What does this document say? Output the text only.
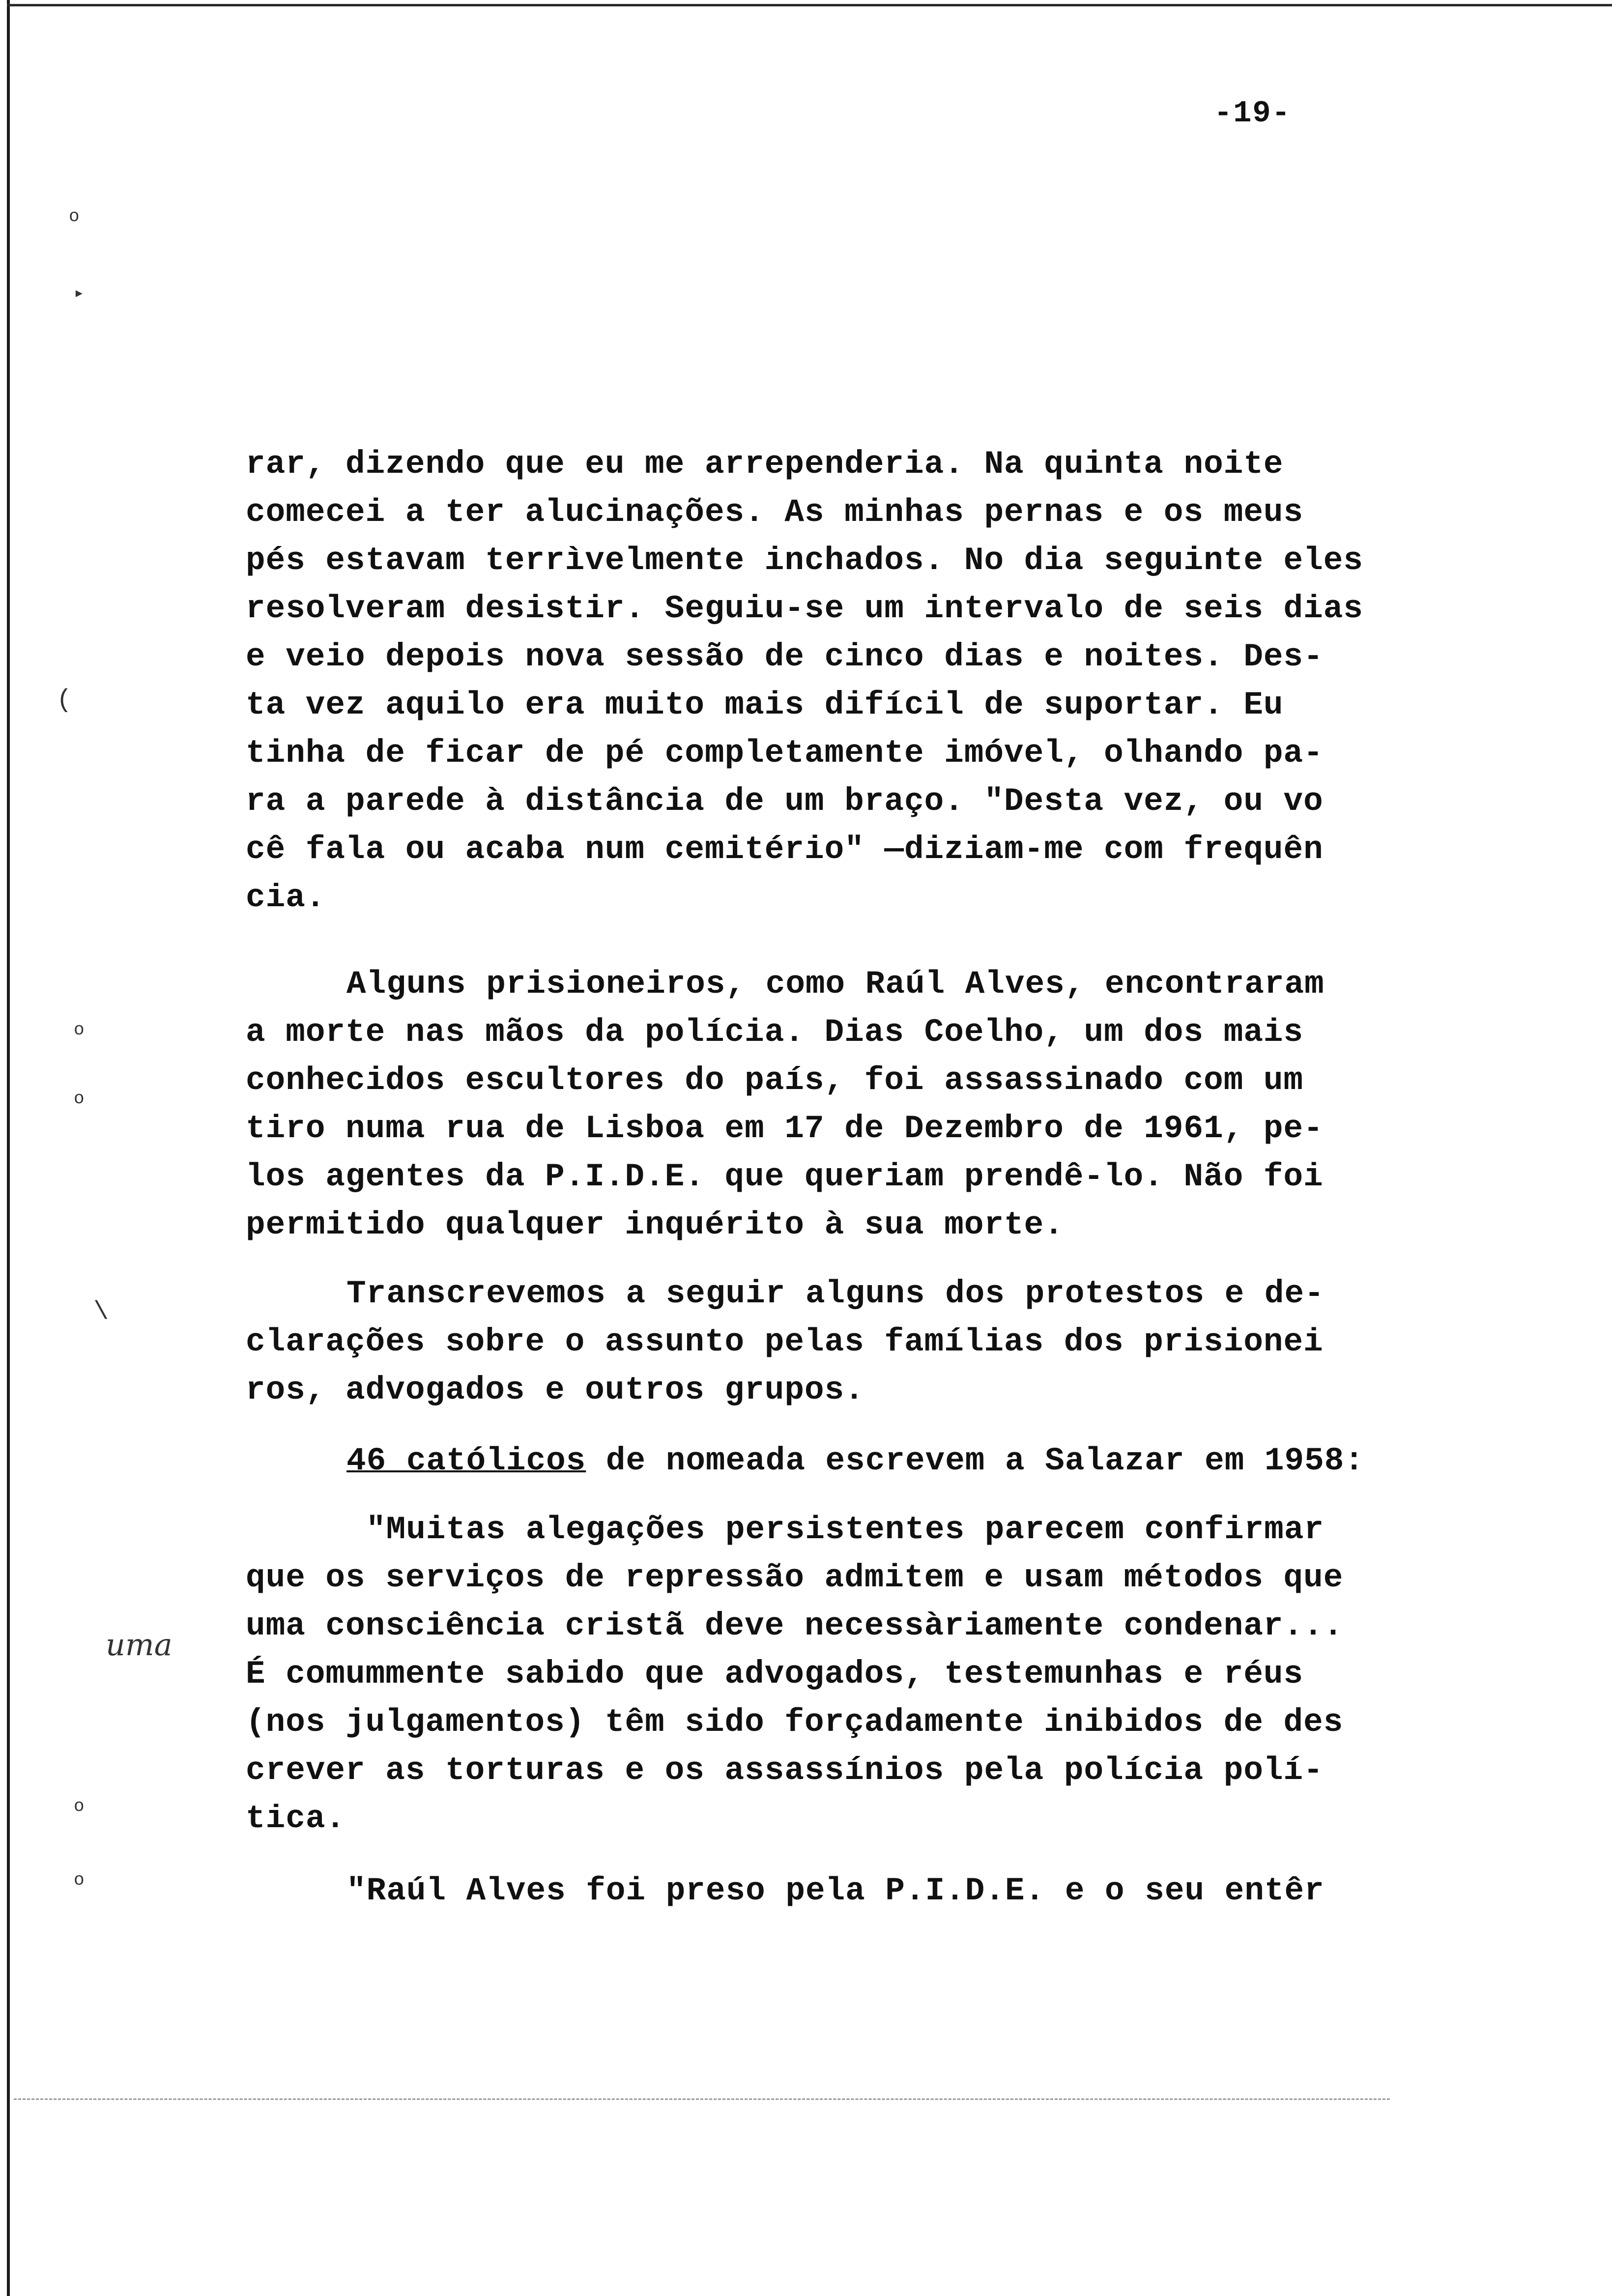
-19-
o
▸
o
o
o
o
(
\
uma
rar, dizendo que eu me arrependeria. Na quinta noite
comecei a ter alucinações. As minhas pernas e os meus
pés estavam terrìvelmente inchados. No dia seguinte eles
resolveram desistir. Seguiu-se um intervalo de seis dias
e veio depois nova sessão de cinco dias e noites. Des-
ta vez aquilo era muito mais difícil de suportar. Eu
tinha de ficar de pé completamente imóvel, olhando pa-
ra a parede à distância de um braço. "Desta vez, ou vo
cê fala ou acaba num cemitério" —diziam-me com frequên
cia.
Alguns prisioneiros, como Raúl Alves, encontraram
a morte nas mãos da polícia. Dias Coelho, um dos mais
conhecidos escultores do país, foi assassinado com um
tiro numa rua de Lisboa em 17 de Dezembro de 1961, pe-
los agentes da P.I.D.E. que queriam prendê-lo. Não foi
permitido qualquer inquérito à sua morte.
Transcrevemos a seguir alguns dos protestos e de-
clarações sobre o assunto pelas famílias dos prisionei
ros, advogados e outros grupos.
46 católicos de nomeada escrevem a Salazar em 1958:
"Muitas alegações persistentes parecem confirmar
que os serviços de repressão admitem e usam métodos que
uma consciência cristã deve necessàriamente condenar...
É comummente sabido que advogados, testemunhas e réus
(nos julgamentos) têm sido forçadamente inibidos de des
crever as torturas e os assassínios pela polícia polí-
tica.
"Raúl Alves foi preso pela P.I.D.E. e o seu entêr
